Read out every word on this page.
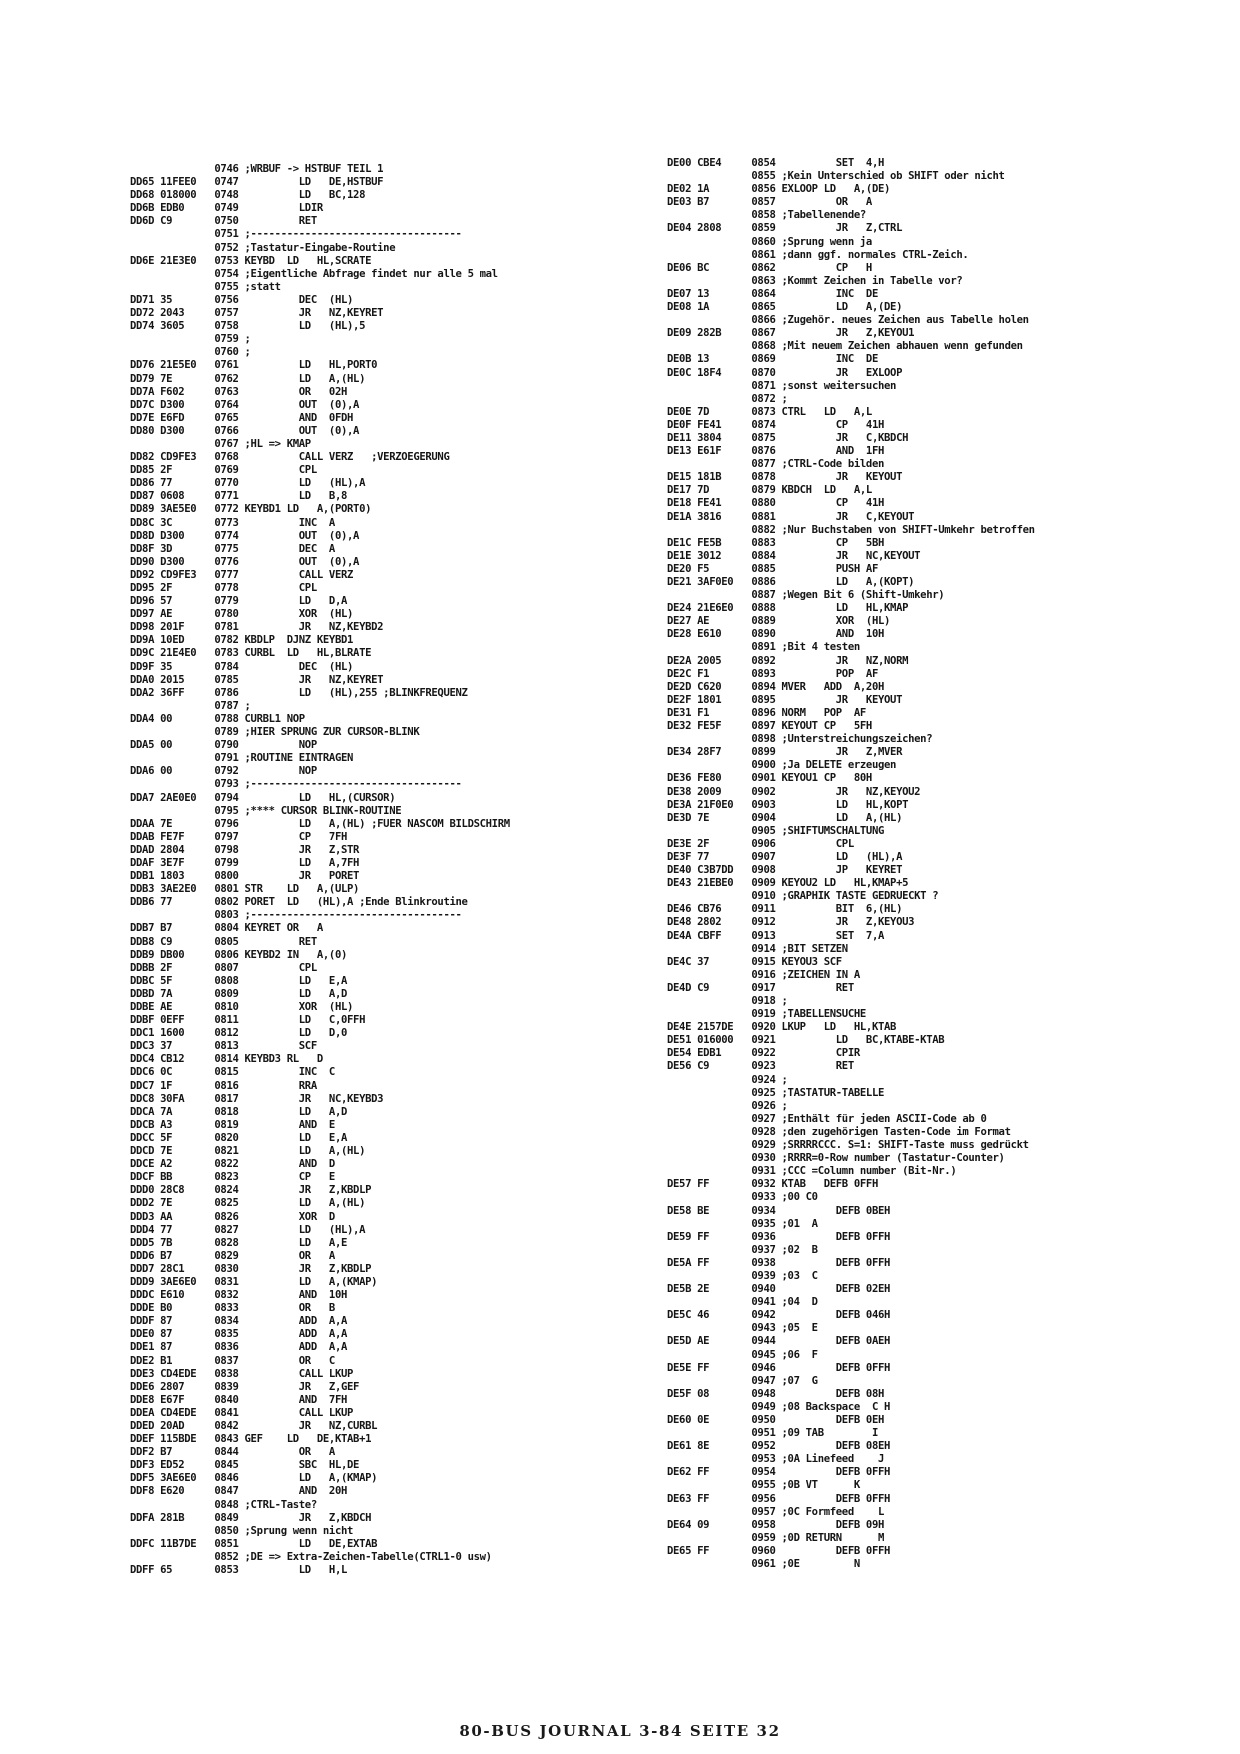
0746 ;WRBUF -> HSTBUF TEIL 1
DD65 11FEE0   0747          LD   DE,HSTBUF
DD68 018000   0748          LD   BC,128
DD6B EDB0     0749          LDIR
DD6D C9       0750          RET
0751 ;-----------------------------------
0752 ;Tastatur-Eingabe-Routine
DD6E 21E3E0   0753 KEYBD  LD   HL,SCRATE
0754 ;Eigentliche Abfrage findet nur alle 5 mal
0755 ;statt
DD71 35       0756          DEC  (HL)
DD72 2043     0757          JR   NZ,KEYRET
DD74 3605     0758          LD   (HL),5
0759 ;
0760 ;
DD76 21E5E0   0761          LD   HL,PORT0
DD79 7E       0762          LD   A,(HL)
DD7A F602     0763          OR   02H
DD7C D300     0764          OUT  (0),A
DD7E E6FD     0765          AND  0FDH
DD80 D300     0766          OUT  (0),A
0767 ;HL => KMAP
DD82 CD9FE3   0768          CALL VERZ   ;VERZOEGERUNG
DD85 2F       0769          CPL
DD86 77       0770          LD   (HL),A
DD87 0608     0771          LD   B,8
DD89 3AE5E0   0772 KEYBD1 LD   A,(PORT0)
DD8C 3C       0773          INC  A
DD8D D300     0774          OUT  (0),A
DD8F 3D       0775          DEC  A
DD90 D300     0776          OUT  (0),A
DD92 CD9FE3   0777          CALL VERZ
DD95 2F       0778          CPL
DD96 57       0779          LD   D,A
DD97 AE       0780          XOR  (HL)
DD98 201F     0781          JR   NZ,KEYBD2
DD9A 10ED     0782 KBDLP  DJNZ KEYBD1
DD9C 21E4E0   0783 CURBL  LD   HL,BLRATE
DD9F 35       0784          DEC  (HL)
DDA0 2015     0785          JR   NZ,KEYRET
DDA2 36FF     0786          LD   (HL),255 ;BLINKFREQUENZ
0787 ;
DDA4 00       0788 CURBL1 NOP
0789 ;HIER SPRUNG ZUR CURSOR-BLINK
DDA5 00       0790          NOP
0791 ;ROUTINE EINTRAGEN
DDA6 00       0792          NOP
0793 ;-----------------------------------
DDA7 2AE0E0   0794          LD   HL,(CURSOR)
0795 ;**** CURSOR BLINK-ROUTINE
DDAA 7E       0796          LD   A,(HL) ;FUER NASCOM BILDSCHIRM
DDAB FE7F     0797          CP   7FH
DDAD 2804     0798          JR   Z,STR
DDAF 3E7F     0799          LD   A,7FH
DDB1 1803     0800          JR   PORET
DDB3 3AE2E0   0801 STR    LD   A,(ULP)
DDB6 77       0802 PORET  LD   (HL),A ;Ende Blinkroutine
0803 ;-----------------------------------
DDB7 B7       0804 KEYRET OR   A
DDB8 C9       0805          RET
DDB9 DB00     0806 KEYBD2 IN   A,(0)
DDBB 2F       0807          CPL
DDBC 5F       0808          LD   E,A
DDBD 7A       0809          LD   A,D
DDBE AE       0810          XOR  (HL)
DDBF 0EFF     0811          LD   C,0FFH
DDC1 1600     0812          LD   D,0
DDC3 37       0813          SCF
DDC4 CB12     0814 KEYBD3 RL   D
DDC6 0C       0815          INC  C
DDC7 1F       0816          RRA
DDC8 30FA     0817          JR   NC,KEYBD3
DDCA 7A       0818          LD   A,D
DDCB A3       0819          AND  E
DDCC 5F       0820          LD   E,A
DDCD 7E       0821          LD   A,(HL)
DDCE A2       0822          AND  D
DDCF BB       0823          CP   E
DDD0 28C8     0824          JR   Z,KBDLP
DDD2 7E       0825          LD   A,(HL)
DDD3 AA       0826          XOR  D
DDD4 77       0827          LD   (HL),A
DDD5 7B       0828          LD   A,E
DDD6 B7       0829          OR   A
DDD7 28C1     0830          JR   Z,KBDLP
DDD9 3AE6E0   0831          LD   A,(KMAP)
DDDC E610     0832          AND  10H
DDDE B0       0833          OR   B
DDDF 87       0834          ADD  A,A
DDE0 87       0835          ADD  A,A
DDE1 87       0836          ADD  A,A
DDE2 B1       0837          OR   C
DDE3 CD4EDE   0838          CALL LKUP
DDE6 2807     0839          JR   Z,GEF
DDE8 E67F     0840          AND  7FH
DDEA CD4EDE   0841          CALL LKUP
DDED 20AD     0842          JR   NZ,CURBL
DDEF 115BDE   0843 GEF    LD   DE,KTAB+1
DDF2 B7       0844          OR   A
DDF3 ED52     0845          SBC  HL,DE
DDF5 3AE6E0   0846          LD   A,(KMAP)
DDF8 E620     0847          AND  20H
0848 ;CTRL-Taste?
DDFA 281B     0849          JR   Z,KBDCH
0850 ;Sprung wenn nicht
DDFC 11B7DE   0851          LD   DE,EXTAB
0852 ;DE => Extra-Zeichen-Tabelle(CTRL1-0 usw)
DDFF 65       0853          LD   H,L
DE00 CBE4     0854          SET  4,H
0855 ;Kein Unterschied ob SHIFT oder nicht
DE02 1A       0856 EXLOOP LD   A,(DE)
DE03 B7       0857          OR   A
0858 ;Tabellenende?
DE04 2808     0859          JR   Z,CTRL
0860 ;Sprung wenn ja
0861 ;dann ggf. normales CTRL-Zeich.
DE06 BC       0862          CP   H
0863 ;Kommt Zeichen in Tabelle vor?
DE07 13       0864          INC  DE
DE08 1A       0865          LD   A,(DE)
0866 ;Zugehör. neues Zeichen aus Tabelle holen
DE09 282B     0867          JR   Z,KEYOU1
0868 ;Mit neuem Zeichen abhauen wenn gefunden
DE0B 13       0869          INC  DE
DE0C 18F4     0870          JR   EXLOOP
0871 ;sonst weitersuchen
0872 ;
DE0E 7D       0873 CTRL   LD   A,L
DE0F FE41     0874          CP   41H
DE11 3804     0875          JR   C,KBDCH
DE13 E61F     0876          AND  1FH
0877 ;CTRL-Code bilden
DE15 181B     0878          JR   KEYOUT
DE17 7D       0879 KBDCH  LD   A,L
DE18 FE41     0880          CP   41H
DE1A 3816     0881          JR   C,KEYOUT
0882 ;Nur Buchstaben von SHIFT-Umkehr betroffen
DE1C FE5B     0883          CP   5BH
DE1E 3012     0884          JR   NC,KEYOUT
DE20 F5       0885          PUSH AF
DE21 3AF0E0   0886          LD   A,(KOPT)
0887 ;Wegen Bit 6 (Shift-Umkehr)
DE24 21E6E0   0888          LD   HL,KMAP
DE27 AE       0889          XOR  (HL)
DE28 E610     0890          AND  10H
0891 ;Bit 4 testen
DE2A 2005     0892          JR   NZ,NORM
DE2C F1       0893          POP  AF
DE2D C620     0894 MVER   ADD  A,20H
DE2F 1801     0895          JR   KEYOUT
DE31 F1       0896 NORM   POP  AF
DE32 FE5F     0897 KEYOUT CP   5FH
0898 ;Unterstreichungszeichen?
DE34 28F7     0899          JR   Z,MVER
0900 ;Ja DELETE erzeugen
DE36 FE80     0901 KEYOU1 CP   80H
DE38 2009     0902          JR   NZ,KEYOU2
DE3A 21F0E0   0903          LD   HL,KOPT
DE3D 7E       0904          LD   A,(HL)
0905 ;SHIFTUMSCHALTUNG
DE3E 2F       0906          CPL
DE3F 77       0907          LD   (HL),A
DE40 C3B7DD   0908          JP   KEYRET
DE43 21EBE0   0909 KEYOU2 LD   HL,KMAP+5
0910 ;GRAPHIK TASTE GEDRUECKT ?
DE46 CB76     0911          BIT  6,(HL)
DE48 2802     0912          JR   Z,KEYOU3
DE4A CBFF     0913          SET  7,A
0914 ;BIT SETZEN
DE4C 37       0915 KEYOU3 SCF
0916 ;ZEICHEN IN A
DE4D C9       0917          RET
0918 ;
0919 ;TABELLENSUCHE
DE4E 2157DE   0920 LKUP   LD   HL,KTAB
DE51 016000   0921          LD   BC,KTABE-KTAB
DE54 EDB1     0922          CPIR
DE56 C9       0923          RET
0924 ;
0925 ;TASTATUR-TABELLE
0926 ;
0927 ;Enthält für jeden ASCII-Code ab 0
0928 ;den zugehörigen Tasten-Code im Format
0929 ;SRRRRCCC. S=1: SHIFT-Taste muss gedrückt
0930 ;RRRR=0-Row number (Tastatur-Counter)
0931 ;CCC =Column number (Bit-Nr.)
DE57 FF       0932 KTAB   DEFB 0FFH
0933 ;00 C0
DE58 BE       0934          DEFB 0BEH
0935 ;01  A
DE59 FF       0936          DEFB 0FFH
0937 ;02  B
DE5A FF       0938          DEFB 0FFH
0939 ;03  C
DE5B 2E       0940          DEFB 02EH
0941 ;04  D
DE5C 46       0942          DEFB 046H
0943 ;05  E
DE5D AE       0944          DEFB 0AEH
0945 ;06  F
DE5E FF       0946          DEFB 0FFH
0947 ;07  G
DE5F 08       0948          DEFB 08H
0949 ;08 Backspace  C H
DE60 0E       0950          DEFB 0EH
0951 ;09 TAB        I
DE61 8E       0952          DEFB 08EH
0953 ;0A Linefeed    J
DE62 FF       0954          DEFB 0FFH
0955 ;0B VT      K
DE63 FF       0956          DEFB 0FFH
0957 ;0C Formfeed    L
DE64 09       0958          DEFB 09H
0959 ;0D RETURN      M
DE65 FF       0960          DEFB 0FFH
0961 ;0E         N
80-BUS JOURNAL 3-84 SEITE 32
